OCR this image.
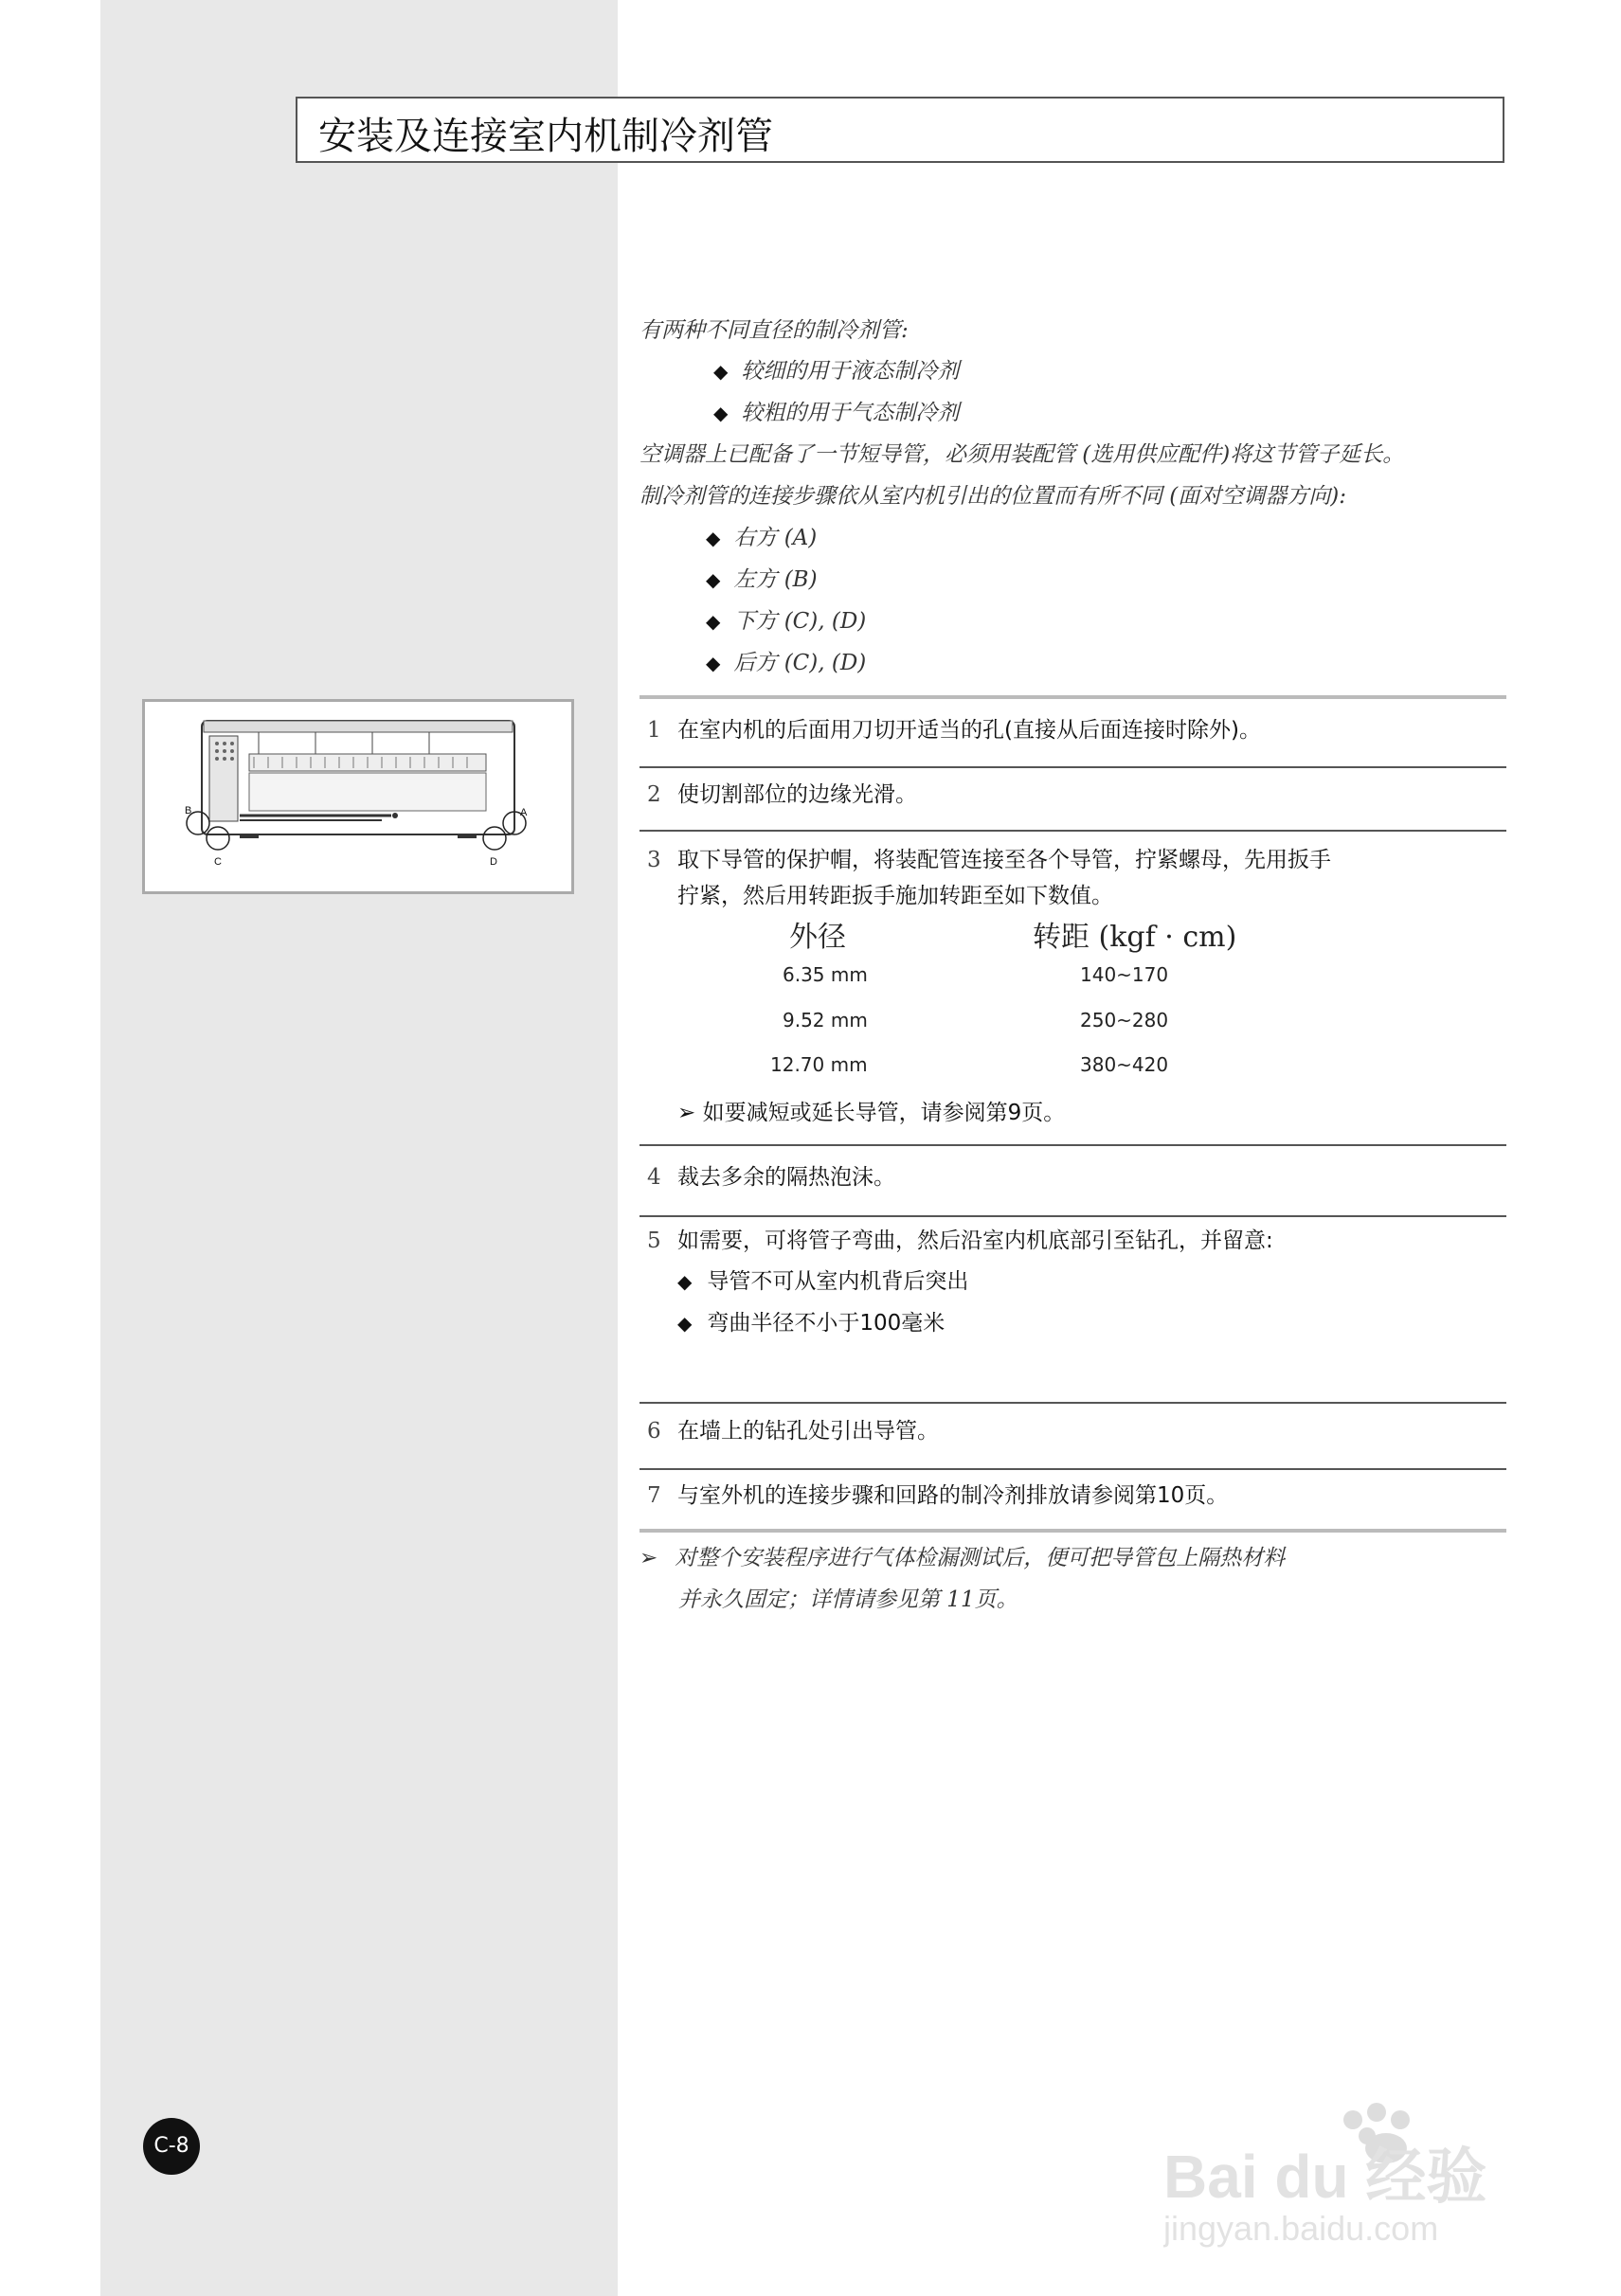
安装及连接室内机制冷剂管
有两种不同直径的制冷剂管:
◆ 较细的用于液态制冷剂
◆ 较粗的用于气态制冷剂
空调器上已配备了一节短导管，必须用装配管 (选用供应配件)将这节管子延长。
制冷剂管的连接步骤依从室内机引出的位置而有所不同 (面对空调器方向):
◆ 右方 (A)
◆ 左方 (B)
◆ 下方 (C), (D)
◆ 后方 (C), (D)
B	A
C	D
1 在室内机的后面用刀切开适当的孔(直接从后面连接时除外)。
2 使切割部位的边缘光滑。
3 取下导管的保护帽，将装配管连接至各个导管，拧紧螺母，先用扳手
拧紧，然后用转距扳手施加转距至如下数值。
外径	转距 (kgf · cm)
6.35 mm	140~170
9.52 mm	250~280
12.70 mm	380~420
➢ 如要减短或延长导管，请参阅第9页。
4 裁去多余的隔热泡沫。
5 如需要，可将管子弯曲，然后沿室内机底部引至钻孔，并留意:
◆ 导管不可从室内机背后突出
◆ 弯曲半径不小于100毫米
6 在墙上的钻孔处引出导管。
7 与室外机的连接步骤和回路的制冷剂排放请参阅第10页。
➢ 对整个安装程序进行气体检漏测试后，便可把导管包上隔热材料
并永久固定；详情请参见第 11页。
C-8	Bai du 经验
jingyan.baidu.com
